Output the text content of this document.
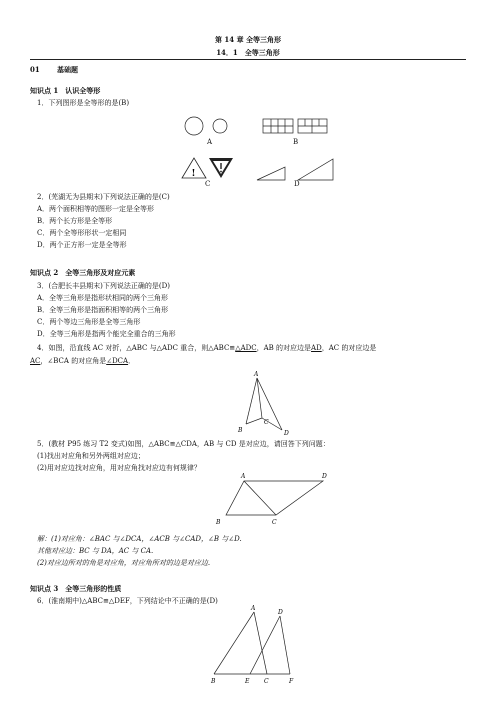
第 14 章 全等三角形
14．1　全等三角形
01 基础题
知识点 1　认识全等形
1．下列图形是全等形的是(B)
!
A	B
C	D
2．(芜湖无为县期末)下列说法正确的是(C)
A．两个面积相等的图形一定是全等形
B．两个长方形是全等形
C．两个全等形形状一定相同
D．两个正方形一定是全等形
知识点 2　全等三角形及对应元素
3．(合肥长丰县期末)下列说法正确的是(D)
A．全等三角形是指形状相同的两个三角形
B．全等三角形是指面积相等的两个三角形
C．两个等边三角形是全等三角形
D．全等三角形是指两个能完全重合的三角形
4．如图，沿直线 AC 对折，△ABC 与△ADC 重合，则△ABC≌△ADC，AB 的对应边是AD，AC 的对应边是
AC，∠BCA 的对应角是∠DCA．
A
B
C
D
5．(教材 P95 练习 T2 变式)如图，△ABC≌△CDA，AB 与 CD 是对应边，请回答下列问题：
(1)找出对应角和另外两组对应边；
(2)用对应边找对应角，用对应角找对应边有何规律？
A	D
B	C
解：(1)对应角：∠BAC 与∠DCA，∠ACB 与∠CAD，∠B 与∠D.
其他对应边：BC 与 DA，AC 与 CA.
(2)对应边所对的角是对应角，对应角所对的边是对应边.
知识点 3　全等三角形的性质
6．(淮南期中)△ABC≌△DEF，下列结论中不正确的是(D)
A
D
B	E C	F
